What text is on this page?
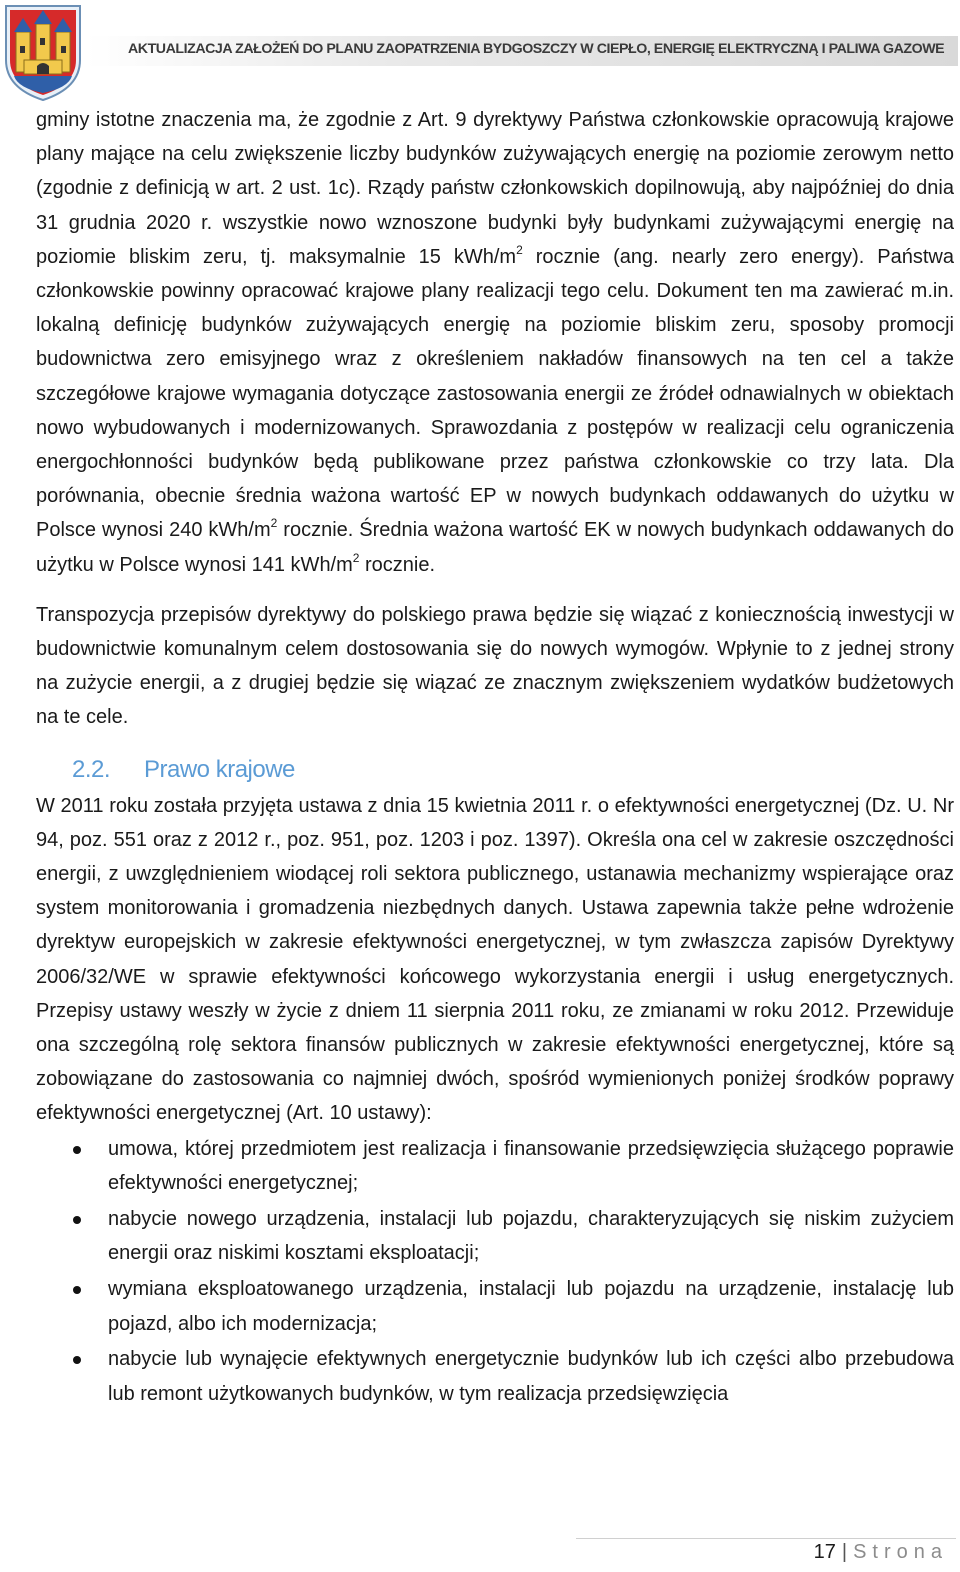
AKTUALIZACJA ZAŁOŻEŃ DO PLANU ZAOPATRZENIA BYDGOSZCZY W CIEPŁO, ENERGIĘ ELEKTRYCZNĄ I PALIWA GAZOWE

gminy istotne znaczenia ma, że zgodnie z Art. 9 dyrektywy Państwa członkowskie opracowują krajowe plany mające na celu zwiększenie liczby budynków zużywających energię na poziomie zerowym netto (zgodnie z definicją w art. 2 ust. 1c). Rządy państw członkowskich dopilnowują, aby najpóźniej do dnia 31 grudnia 2020 r. wszystkie nowo wznoszone budynki były budynkami zużywającymi energię na poziomie bliskim zeru, tj. maksymalnie 15 kWh/$m^2$ rocznie (ang. nearly zero energy). Państwa członkowskie powinny opracować krajowe plany realizacji tego celu. Dokument ten ma zawierać m.in. lokalną definicję budynków zużywających energię na poziomie bliskim zeru, sposoby promocji budownictwa zero emisyjnego wraz z określeniem nakładów finansowych na ten cel a także szczegółowe krajowe wymagania dotyczące zastosowania energii ze źródeł odnawialnych w obiektach nowo wybudowanych i modernizowanych. Sprawozdania z postępów w realizacji celu ograniczenia energochłonności budynków będą publikowane przez państwa członkowskie co trzy lata. Dla porównania, obecnie średnia ważona wartość EP w nowych budynkach oddawanych do użytku w Polsce wynosi 240 kWh/$m^2$ rocznie. Średnia ważona wartość EK w nowych budynkach oddawanych do użytku w Polsce wynosi 141 kWh/$m^2$ rocznie.

Transpozycja przepisów dyrektywy do polskiego prawa będzie się wiązać z koniecznością inwestycji w budownictwie komunalnym celem dostosowania się do nowych wymogów. Wpłynie to z jednej strony na zużycie energii, a z drugiej będzie się wiązać ze znacznym zwiększeniem wydatków budżetowych na te cele.

2.2. Prawo krajowe

W 2011 roku została przyjęta ustawa z dnia 15 kwietnia 2011 r. o efektywności energetycznej (Dz. U. Nr 94, poz. 551 oraz z 2012 r., poz. 951, poz. 1203 i poz. 1397). Określa ona cel w zakresie oszczędności energii, z uwzględnieniem wiodącej roli sektora publicznego, ustanawia mechanizmy wspierające oraz system monitorowania i gromadzenia niezbędnych danych. Ustawa zapewnia także pełne wdrożenie dyrektyw europejskich w zakresie efektywności energetycznej, w tym zwłaszcza zapisów Dyrektywy 2006/32/WE w sprawie efektywności końcowego wykorzystania energii i usług energetycznych. Przepisy ustawy weszły w życie z dniem 11 sierpnia 2011 roku, ze zmianami w roku 2012. Przewiduje ona szczególną rolę sektora finansów publicznych w zakresie efektywności energetycznej, które są zobowiązane do zastosowania co najmniej dwóch, spośród wymienionych poniżej środków poprawy efektywności energetycznej (Art. 10 ustawy):

umowa, której przedmiotem jest realizacja i finansowanie przedsięwzięcia służącego poprawie efektywności energetycznej;
nabycie nowego urządzenia, instalacji lub pojazdu, charakteryzujących się niskim zużyciem energii oraz niskimi kosztami eksploatacji;
wymiana eksploatowanego urządzenia, instalacji lub pojazdu na urządzenie, instalację lub pojazd, albo ich modernizacja;
nabycie lub wynajęcie efektywnych energetycznie budynków lub ich części albo przebudowa lub remont użytkowanych budynków, w tym realizacja przedsięwzięcia
17 | Strona
